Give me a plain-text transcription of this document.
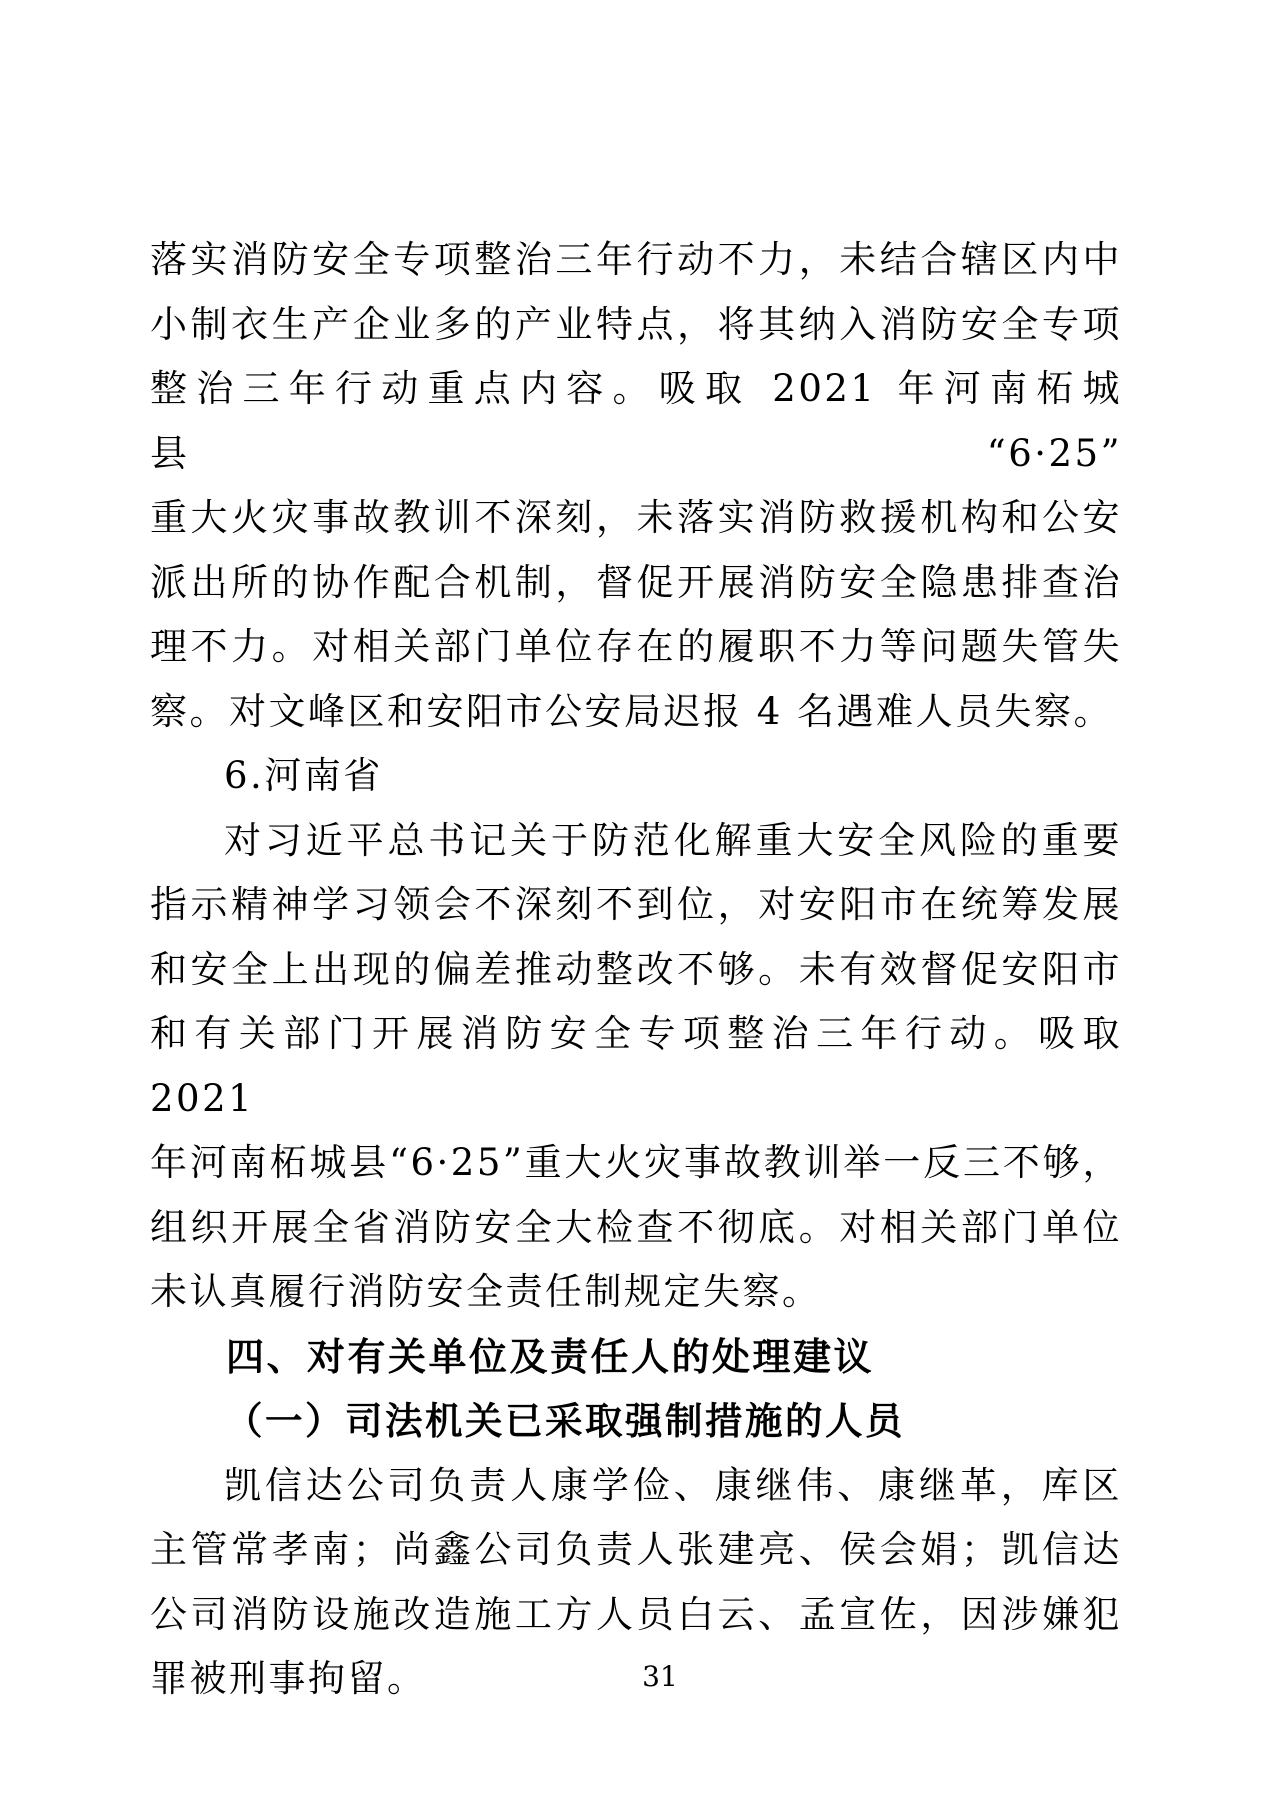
落实消防安全专项整治三年行动不力，未结合辖区内中
小制衣生产企业多的产业特点，将其纳入消防安全专项
整治三年行动重点内容。吸取 2021 年河南柘城县“6·25”
重大火灾事故教训不深刻，未落实消防救援机构和公安
派出所的协作配合机制，督促开展消防安全隐患排查治
理不力。对相关部门单位存在的履职不力等问题失管失
察。对文峰区和安阳市公安局迟报 4 名遇难人员失察。
6.河南省
对习近平总书记关于防范化解重大安全风险的重要
指示精神学习领会不深刻不到位，对安阳市在统筹发展
和安全上出现的偏差推动整改不够。未有效督促安阳市
和有关部门开展消防安全专项整治三年行动。吸取 2021
年河南柘城县“6·25”重大火灾事故教训举一反三不够，
组织开展全省消防安全大检查不彻底。对相关部门单位
未认真履行消防安全责任制规定失察。
四、对有关单位及责任人的处理建议
（一）司法机关已采取强制措施的人员
凯信达公司负责人康学俭、康继伟、康继革，库区
主管常孝南；尚鑫公司负责人张建亮、侯会娟；凯信达
公司消防设施改造施工方人员白云、孟宣佐，因涉嫌犯
罪被刑事拘留。	31
